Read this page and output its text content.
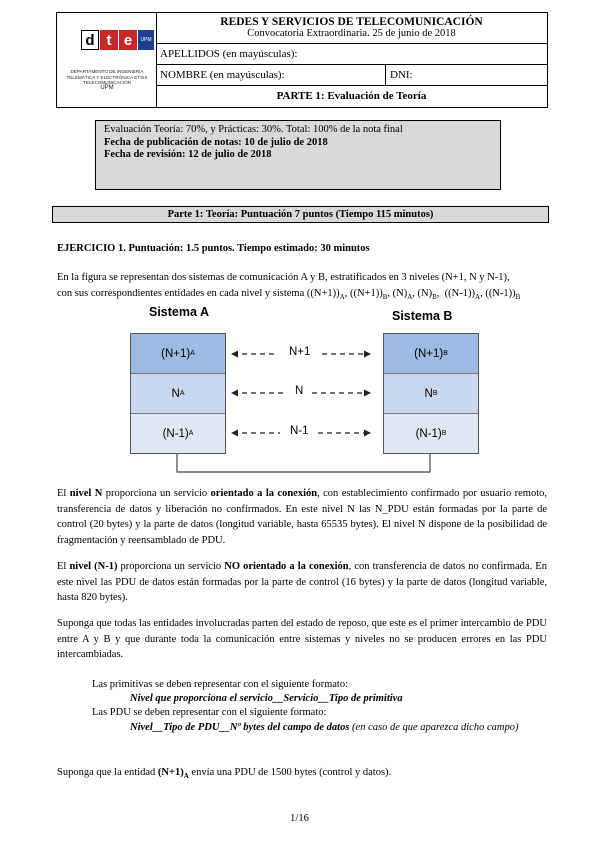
d t e	UPM
DEPARTAMENTO DE INGENIERÍA TELEMÁTICA Y ELECTRÓNICA ETSIS TELECOMUNICACIÓN
UPM
REDES Y SERVICIOS DE TELECOMUNICACIÓN
Convocatoria Extraordinaria. 25 de junio de 2018
APELLIDOS (en mayúsculas):
NOMBRE (en mayúsculas):	DNI:
PARTE 1: Evaluación de Teoría
Evaluación Teoría: 70%, y Prácticas: 30%. Total: 100% de la nota final
Fecha de publicación de notas: 10 de julio de 2018
Fecha de revisión: 12 de julio de 2018
Parte 1: Teoría: Puntuación 7 puntos (Tiempo 115 minutos)
EJERCICIO 1. Puntuación: 1.5 puntos. Tiempo estimado: 30 minutos
En la figura se representan dos sistemas de comunicación A y B, estratificados en 3 niveles (N+1, N y N-1),
con sus correspondientes entidades en cada nivel y sistema $((N+1))_A$, $((N+1))_B$, $(N)_A$, $(N)_B$,  $((N-1))_A$, $((N-1))_B$
Sistema A	Sistema B
(N+1) A
N A
(N-1) A
(N+1) B
N B
(N-1) B
N+1
N
N-1
El nivel N proporciona un servicio orientado a la conexión, con establecimiento confirmado por usuario remoto, transferencia de datos y liberación no confirmados. En este nivel N las N_PDU están formadas por la parte de control (20 bytes) y la parte de datos (longitud variable, hasta 65535 bytes). El nivel N dispone de la posibilidad de fragmentación y reensamblado de PDU.
El nivel (N-1) proporciona un servicio NO orientado a la conexión, con transferencia de datos no confirmada. En este nivel las PDU de datos están formadas por la parte de control (16 bytes) y la parte de datos (longitud variable, hasta 820 bytes).
Suponga que todas las entidades involucradas parten del estado de reposo, que este es el primer intercambio de PDU entre A y B y que durante toda la comunicación entre sistemas y niveles no se producen errores en las PDU intercambiadas.
Las primitivas se deben representar con el siguiente formato:
Nivel que proporciona el servicio__Servicio__Tipo de primitiva
Las PDU se deben representar con el siguiente formato:
Nivel__Tipo de PDU__Nº bytes del campo de datos (en caso de que aparezca dicho campo)
Suponga que la entidad $(N+1)_A$ envía una PDU de 1500 bytes (control y datos).
1/16
